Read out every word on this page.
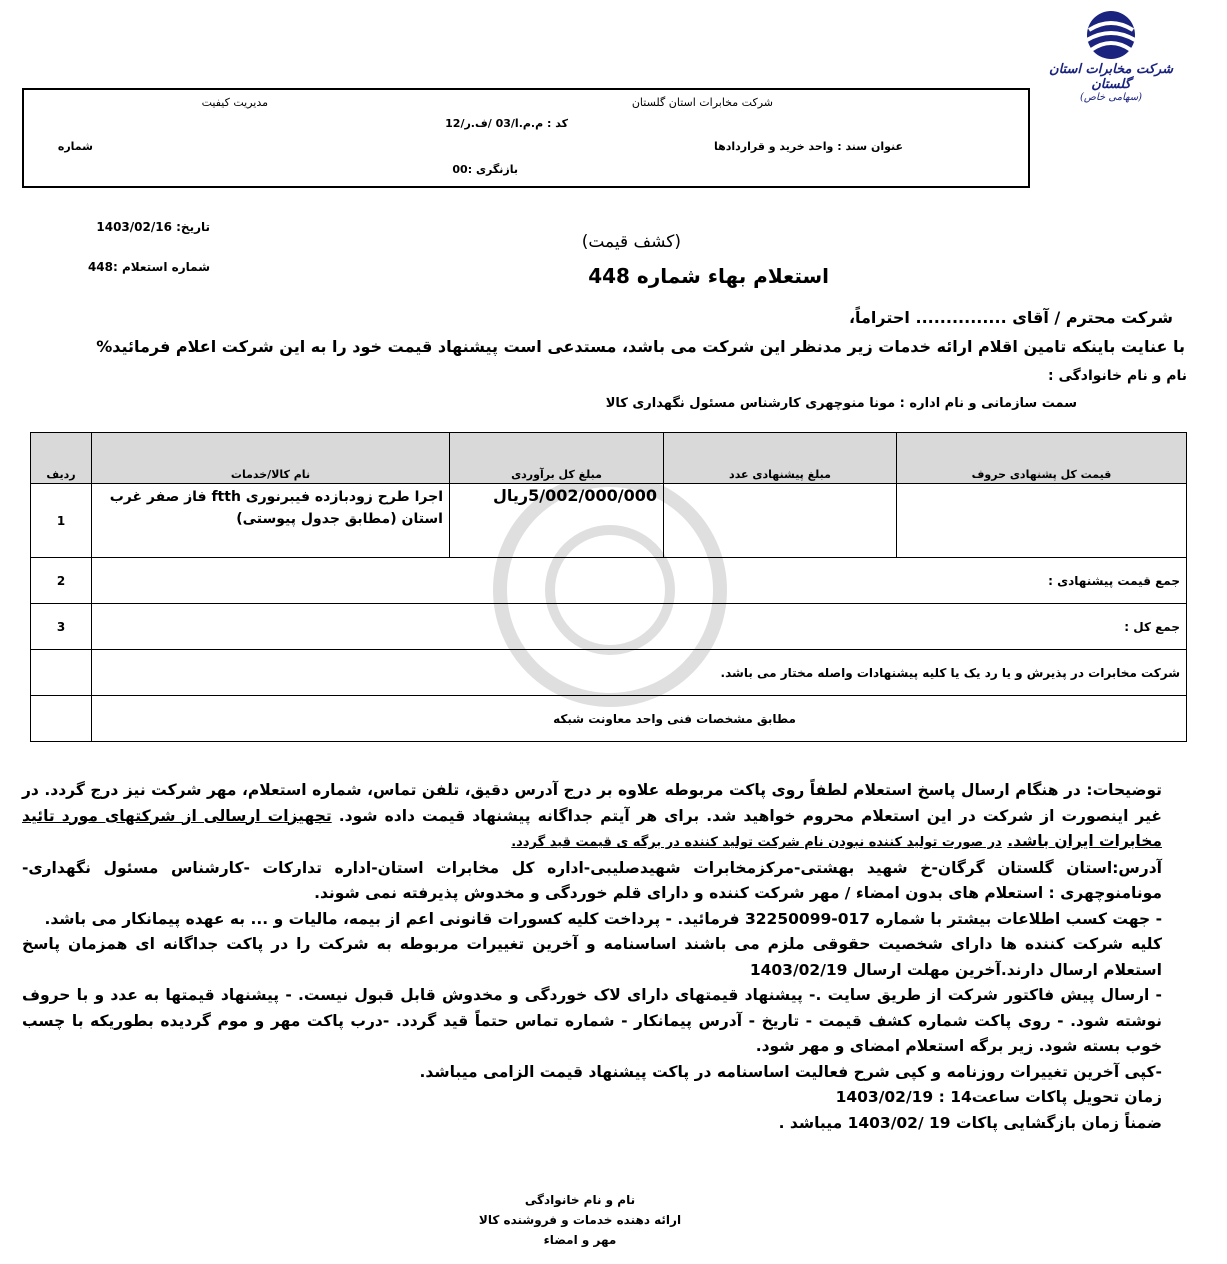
شرکت مخابرات استان گلستان
(سهامی خاص)
شرکت مخابرات استان گلستان
مدیریت کیفیت
کد : م.م.ا/03 /ف.ر/12
عنوان سند : واحد خرید و قراردادها
شماره
بازنگری :00
تاریخ: 1403/02/16
شماره استعلام :448
(کشف قیمت)
استعلام بهاء شماره 448
شرکت محترم / آقای ............... احتراماً،
با عنایت باینکه تامین اقلام ارائه خدمات زیر مدنظر این شرکت می باشد، مستدعی است پیشنهاد قیمت خود را به این شرکت اعلام فرمائید%
نام و نام خانوادگی :
سمت سازمانی و نام اداره : مونا منوچهری کارشناس مسئول نگهداری کالا
قیمت کل پشنهادی حروف	مبلغ پیشنهادی عدد	مبلغ کل برآوردی	نام کالا/خدمات	ردیف
		5/002/000/000ریال	اجرا طرح زودبازده فیبرنوری ftth فاز صفر غرب استان (مطابق جدول پیوستی)	1
جمع قیمت پیشنهادی :				2
جمع کل :				3
شرکت مخابرات در پذیرش و یا رد یک یا کلیه پیشنهادات واصله مختار می باشد.				
مطابق مشخصات فنی واحد معاونت شبکه				

توضیحات: در هنگام ارسال پاسخ استعلام لطفاً روی پاکت مربوطه علاوه بر درج آدرس دقیق، تلفن تماس، شماره استعلام، مهر شرکت نیز درج گردد. در غیر اینصورت از شرکت در این استعلام محروم خواهید شد. برای هر آیتم جداگانه پیشنهاد قیمت داده شود. تجهیزات ارسالی از شرکتهای مورد تائید مخابرات ایران باشد. در صورت تولید کننده نبودن نام شرکت تولید کننده در برگه ی قیمت قید گردد.

آدرس:استان گلستان گرگان-خ شهید بهشتی-مرکزمخابرات شهیدصلیبی-اداره کل مخابرات استان-اداره تداركات -كارشناس مسئول نگهداری-مونامنوچهری : استعلام های بدون امضاء / مهر شرکت کننده و دارای قلم خوردگی و مخدوش پذیرفته نمی شوند.

- جهت کسب اطلاعات بیشتر با شماره 017-32250099 فرمائید. - پرداخت کلیه کسورات قانونی اعم از بیمه، مالیات و ... به عهده پیمانکار می باشد.

کلیه شرکت کننده ها دارای شخصیت حقوقی ملزم می باشند اساسنامه و آخرین تغییرات مربوطه به شرکت را در پاکت جداگانه ای همزمان پاسخ استعلام ارسال دارند.آخرین مهلت ارسال 1403/02/19

- ارسال پیش فاکتور شرکت از طریق سایت .- پیشنهاد قیمتهای دارای لاک خوردگی و مخدوش قابل قبول نیست. - پیشنهاد قیمتها به عدد و با حروف نوشته شود. - روی پاکت شماره کشف قیمت - تاریخ - آدرس پیمانکار - شماره تماس حتماً قید گردد. -درب پاکت مهر و موم گردیده بطوریکه با چسب خوب بسته شود. زیر برگه استعلام امضای و مهر شود.

-کپی آخرین تغییرات روزنامه و کپی شرح فعالیت اساسنامه در پاکت پیشنهاد قیمت الزامی میباشد.

زمان تحویل پاکات ساعت14 : 1403/02/19

ضمناً زمان بازگشایی پاکات 19 /1403/02 میباشد .

نام و نام خانوادگی
ارائه دهنده خدمات و فروشنده کالا
مهر و امضاء
